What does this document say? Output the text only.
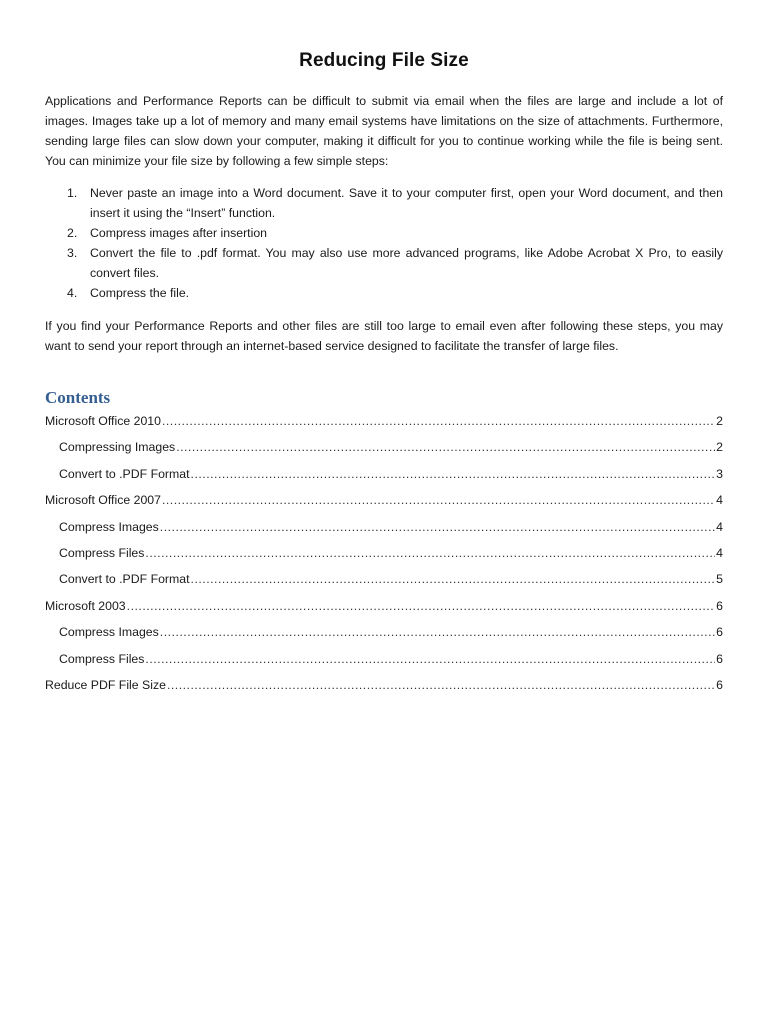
Reducing File Size

Applications and Performance Reports can be difficult to submit via email when the files are large and include a lot of images. Images take up a lot of memory and many email systems have limitations on the size of attachments. Furthermore, sending large files can slow down your computer, making it difficult for you to continue working while the file is being sent. You can minimize your file size by following a few simple steps:

1. Never paste an image into a Word document. Save it to your computer first, open your Word document, and then insert it using the “Insert” function.
2. Compress images after insertion
3. Convert the file to .pdf format. You may also use more advanced programs, like Adobe Acrobat X Pro, to easily convert files.
4. Compress the file.

If you find your Performance Reports and other files are still too large to email even after following these steps, you may want to send your report through an internet-based service designed to facilitate the transfer of large files.

Contents
Microsoft Office 2010 .....	2
Compressing Images .....	2
Convert to .PDF Format .....	3
Microsoft Office 2007 .....	4
Compress Images .....	4
Compress Files .....	4
Convert to .PDF Format .....	5
Microsoft 2003 .....	6
Compress Images .....	6
Compress Files .....	6
Reduce PDF File Size .....	6
